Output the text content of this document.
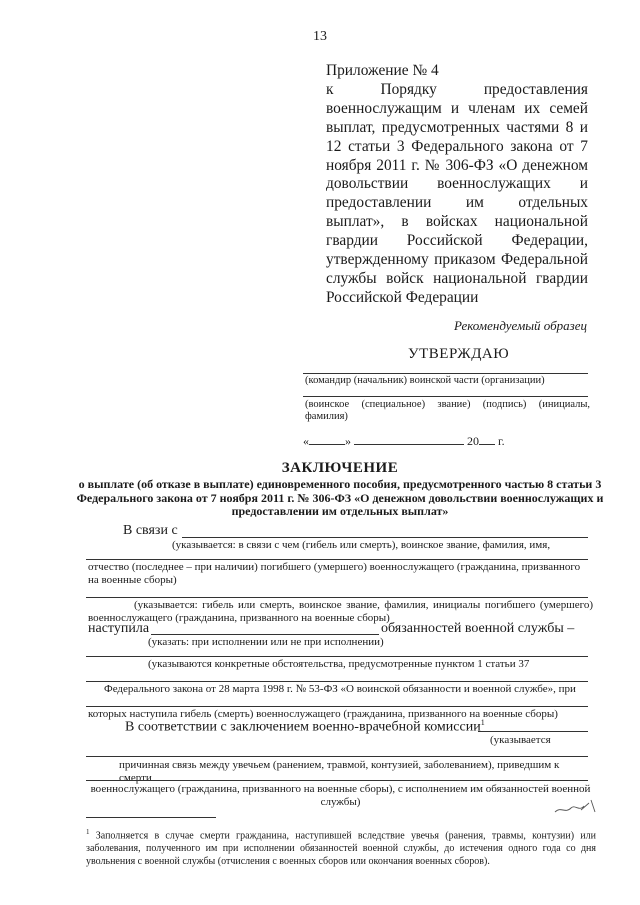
13
Приложение № 4
к Порядку предоставления военнослужащим и членам их семей выплат, предусмотренных частями 8 и 12 статьи 3 Федерального закона от 7 ноября 2011 г. № 306-ФЗ «О денежном довольствии военнослужащих и предоставлении им отдельных выплат», в войсках национальной гвардии Российской Федерации, утвержденному приказом Федеральной службы войск национальной гвардии Российской Федерации
Рекомендуемый образец
УТВЕРЖДАЮ
(командир (начальник) воинской части (организации)
(воинское (специальное) звание) (подпись) (инициалы, фамилия)
«	»	20 г.
ЗАКЛЮЧЕНИЕ
о выплате (об отказе в выплате) единовременного пособия, предусмотренного частью 8 статьи 3 Федерального закона от 7 ноября 2011 г. № 306-ФЗ «О денежном довольствии военнослужащих и предоставлении им отдельных выплат»
В связи с
(указывается: в связи с чем (гибель или смерть), воинское звание, фамилия, имя,
отчество (последнее – при наличии) погибшего (умершего) военнослужащего (гражданина, призванного на военные сборы)
(указывается: гибель или смерть, воинское звание, фамилия, инициалы погибшего (умершего) военнослужащего (гражданина, призванного на военные сборы)
наступила	обязанностей военной службы –
(указать: при исполнении или не при исполнении)
(указываются конкретные обстоятельства, предусмотренные пунктом 1 статьи 37
Федерального закона от 28 марта 1998 г. № 53-ФЗ «О воинской обязанности и военной службе», при
которых наступила гибель (смерть) военнослужащего (гражданина, призванного на военные сборы)
В соответствии с заключением военно-врачебной комиссии$^1$
(указывается
причинная связь между увечьем (ранением, травмой, контузией, заболеванием), приведшим к смерти
военнослужащего (гражданина, призванного на военные сборы), с исполнением им обязанностей военной службы)
$^1$ Заполняется в случае смерти гражданина, наступившей вследствие увечья (ранения, травмы, контузии) или заболевания, полученного им при исполнении обязанностей военной службы, до истечения одного года со дня увольнения с военной службы (отчисления с военных сборов или окончания военных сборов).
